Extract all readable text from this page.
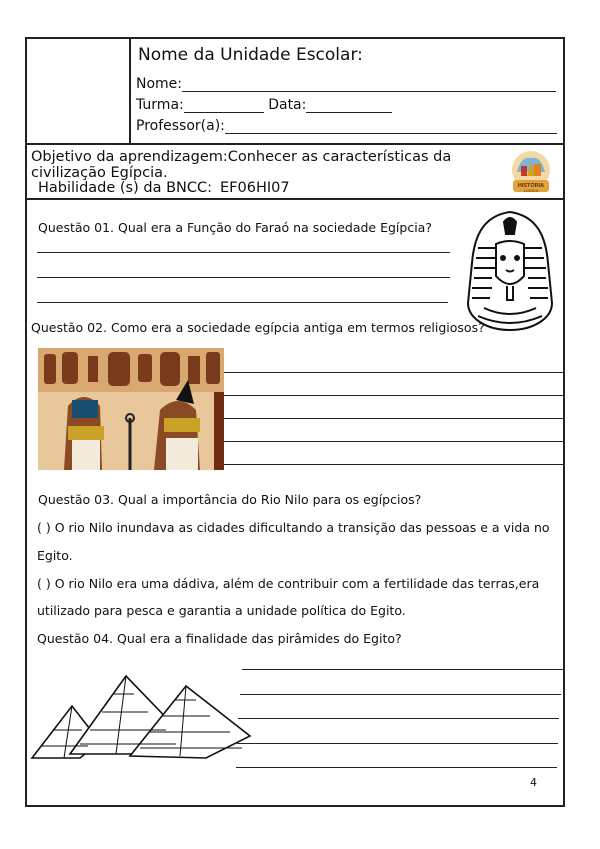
Nome da Unidade Escolar:
Nome:
Turma:	Data:
Professor(a):
Objetivo da aprendizagem:Conhecer as características da civilização Egípcia.
Habilidade (s) da BNCC: EF06HI07	HISTÓRIA
LÚDICA
Questão 01. Qual era a Função do Faraó na sociedade Egípcia?
Questão 02. Como era a sociedade egípcia antiga em termos religiosos?
Questão 03. Qual a importância do Rio Nilo para os egípcios?
( ) O rio Nilo inundava as cidades dificultando a transição das pessoas e a vida no
Egito.
( ) O rio Nilo era uma dádiva, além de contribuir com a fertilidade das terras,era
utilizado para pesca e garantia a unidade política do Egito.
Questão 04. Qual era a finalidade das pirâmides do Egito?
4
